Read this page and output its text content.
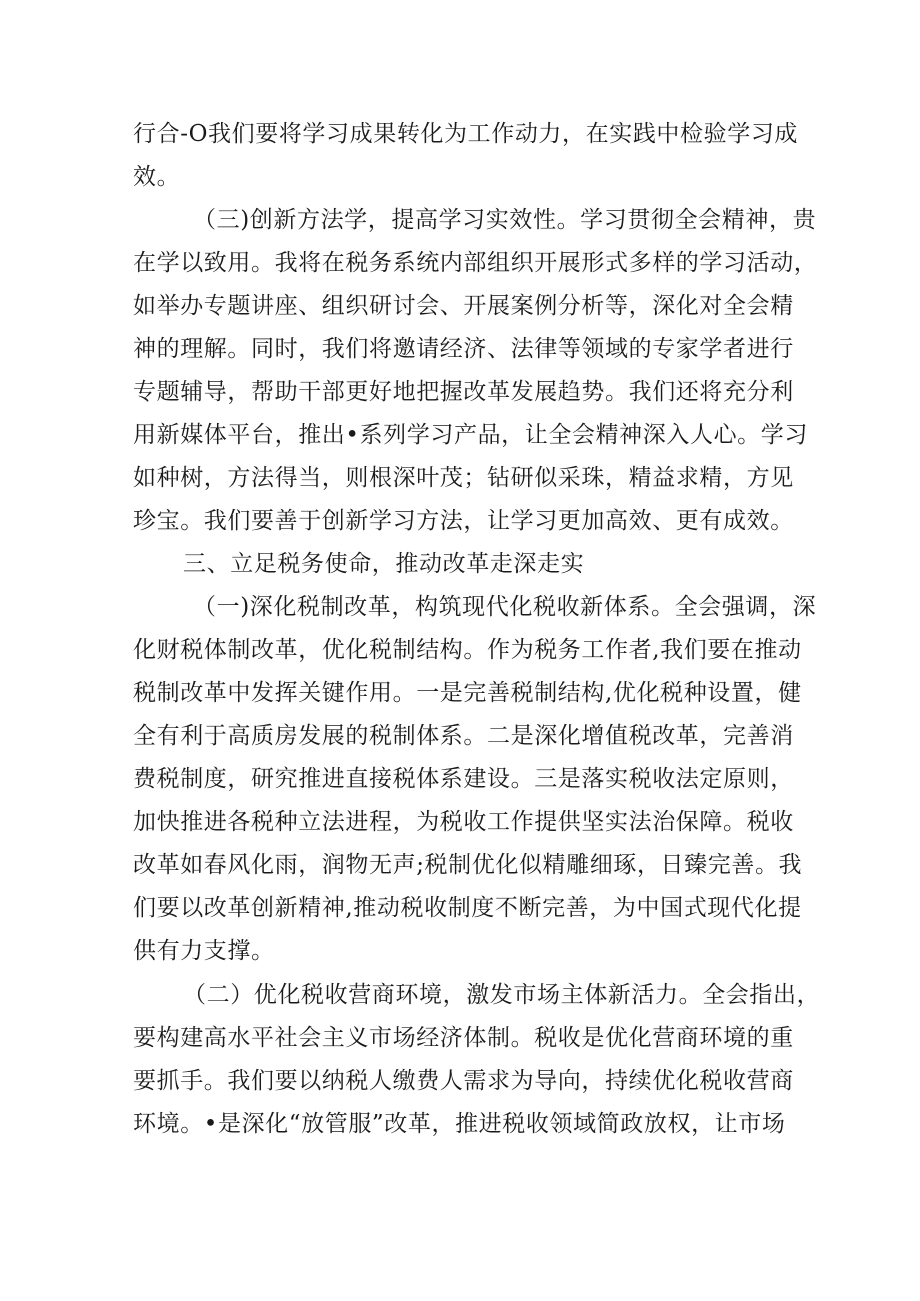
行合-O我们要将学习成果转化为工作动力，在实践中检验学习成
效。
（三)创新方法学，提高学习实效性。学习贯彻全会精神，贵
在学以致用。我将在税务系统内部组织开展形式多样的学习活动，
如举办专题讲座、组织研讨会、开展案例分析等，深化对全会精
神的理解。同时，我们将邀请经济、法律等领域的专家学者进行
专题辅导，帮助干部更好地把握改革发展趋势。我们还将充分利
用新媒体平台，推出•系列学习产品，让全会精神深入人心。学习
如种树，方法得当，则根深叶茂；钻研似采珠，精益求精，方见
珍宝。我们要善于创新学习方法，让学习更加高效、更有成效。
三、立足税务使命，推动改革走深走实
（一)深化税制改革，构筑现代化税收新体系。全会强调，深
化财税体制改革，优化税制结构。作为税务工作者,我们要在推动
税制改革中发挥关键作用。一是完善税制结构,优化税种设置，健
全有利于高质房发展的税制体系。二是深化增值税改革，完善消
费税制度，研究推进直接税体系建设。三是落实税收法定原则，
加快推进各税种立法进程，为税收工作提供坚实法治保障。税收
改革如春风化雨，润物无声;税制优化似精雕细琢，日臻完善。我
们要以改革创新精神,推动税收制度不断完善，为中国式现代化提
供有力支撑。
（二）优化税收营商环境，激发市场主体新活力。全会指出，
要构建高水平社会主义市场经济体制。税收是优化营商环境的重
要抓手。我们要以纳税人缴费人需求为导向，持续优化税收营商
环境。•是深化“放管服”改革，推进税收领域简政放权，让市场
